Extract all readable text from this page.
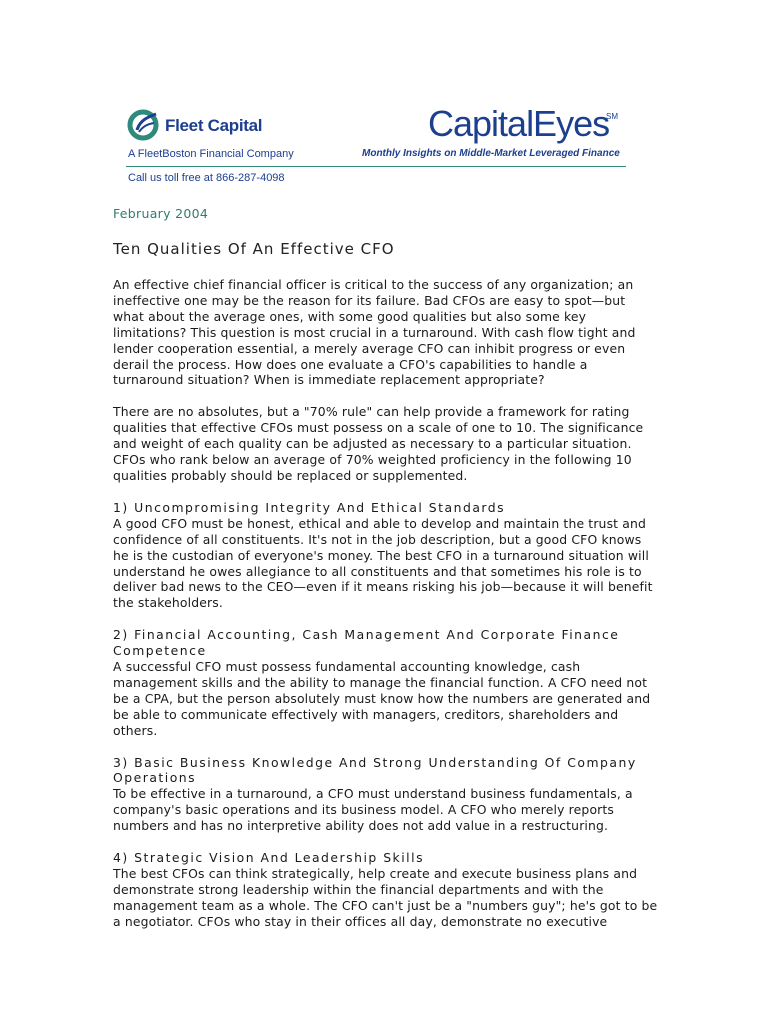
Fleet Capital
A FleetBoston Financial Company
CapitalEyes
SM
Monthly Insights on Middle-Market Leveraged Finance
Call us toll free at 866-287-4098
February 2004
Ten Qualities Of An Effective CFO

An effective chief financial officer is critical to the success of any organization; an ineffective one may be the reason for its failure. Bad CFOs are easy to spot—but what about the average ones, with some good qualities but also some key limitations? This question is most crucial in a turnaround. With cash flow tight and lender cooperation essential, a merely average CFO can inhibit progress or even derail the process. How does one evaluate a CFO's capabilities to handle a turnaround situation? When is immediate replacement appropriate?

There are no absolutes, but a "70% rule" can help provide a framework for rating qualities that effective CFOs must possess on a scale of one to 10. The significance and weight of each quality can be adjusted as necessary to a particular situation. CFOs who rank below an average of 70% weighted proficiency in the following 10 qualities probably should be replaced or supplemented.

1) Uncompromising Integrity And Ethical Standards
A good CFO must be honest, ethical and able to develop and maintain the trust and confidence of all constituents. It's not in the job description, but a good CFO knows he is the custodian of everyone's money. The best CFO in a turnaround situation will understand he owes allegiance to all constituents and that sometimes his role is to deliver bad news to the CEO—even if it means risking his job—because it will benefit the stakeholders.
2) Financial Accounting, Cash Management And Corporate Finance Competence
A successful CFO must possess fundamental accounting knowledge, cash management skills and the ability to manage the financial function. A CFO need not be a CPA, but the person absolutely must know how the numbers are generated and be able to communicate effectively with managers, creditors, shareholders and others.
3) Basic Business Knowledge And Strong Understanding Of Company Operations
To be effective in a turnaround, a CFO must understand business fundamentals, a company's basic operations and its business model. A CFO who merely reports numbers and has no interpretive ability does not add value in a restructuring.
4) Strategic Vision And Leadership Skills
The best CFOs can think strategically, help create and execute business plans and demonstrate strong leadership within the financial departments and with the management team as a whole. The CFO can't just be a "numbers guy"; he's got to be a negotiator. CFOs who stay in their offices all day, demonstrate no executive
